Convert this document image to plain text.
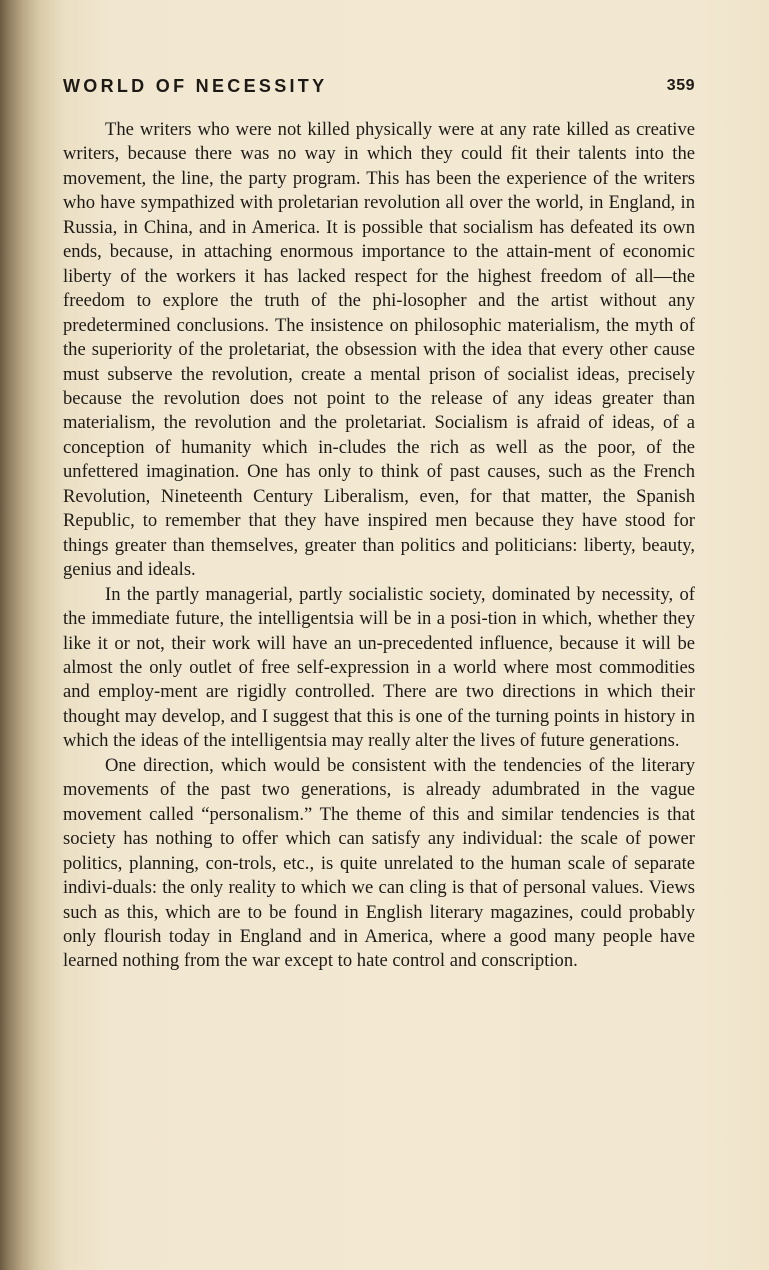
WORLD OF NECESSITY	359

The writers who were not killed physically were at any rate killed as creative writers, because there was no way in which they could fit their talents into the movement, the line, the party program. This has been the experience of the writers who have sympathized with proletarian revolution all over the world, in England, in Russia, in China, and in America. It is possible that socialism has defeated its own ends, because, in attaching enormous importance to the attain-ment of economic liberty of the workers it has lacked respect for the highest freedom of all—the freedom to explore the truth of the phi-losopher and the artist without any predetermined conclusions. The insistence on philosophic materialism, the myth of the superiority of the proletariat, the obsession with the idea that every other cause must subserve the revolution, create a mental prison of socialist ideas, precisely because the revolution does not point to the release of any ideas greater than materialism, the revolution and the proletariat. Socialism is afraid of ideas, of a conception of humanity which in-cludes the rich as well as the poor, of the unfettered imagination. One has only to think of past causes, such as the French Revolution, Nineteenth Century Liberalism, even, for that matter, the Spanish Republic, to remember that they have inspired men because they have stood for things greater than themselves, greater than politics and politicians: liberty, beauty, genius and ideals.

In the partly managerial, partly socialistic society, dominated by necessity, of the immediate future, the intelligentsia will be in a posi-tion in which, whether they like it or not, their work will have an un-precedented influence, because it will be almost the only outlet of free self-expression in a world where most commodities and employ-ment are rigidly controlled. There are two directions in which their thought may develop, and I suggest that this is one of the turning points in history in which the ideas of the intelligentsia may really alter the lives of future generations.

One direction, which would be consistent with the tendencies of the literary movements of the past two generations, is already adumbrated in the vague movement called “personalism.” The theme of this and similar tendencies is that society has nothing to offer which can satisfy any individual: the scale of power politics, planning, con-trols, etc., is quite unrelated to the human scale of separate indivi-duals: the only reality to which we can cling is that of personal values. Views such as this, which are to be found in English literary magazines, could probably only flourish today in England and in America, where a good many people have learned nothing from the war except to hate control and conscription.
